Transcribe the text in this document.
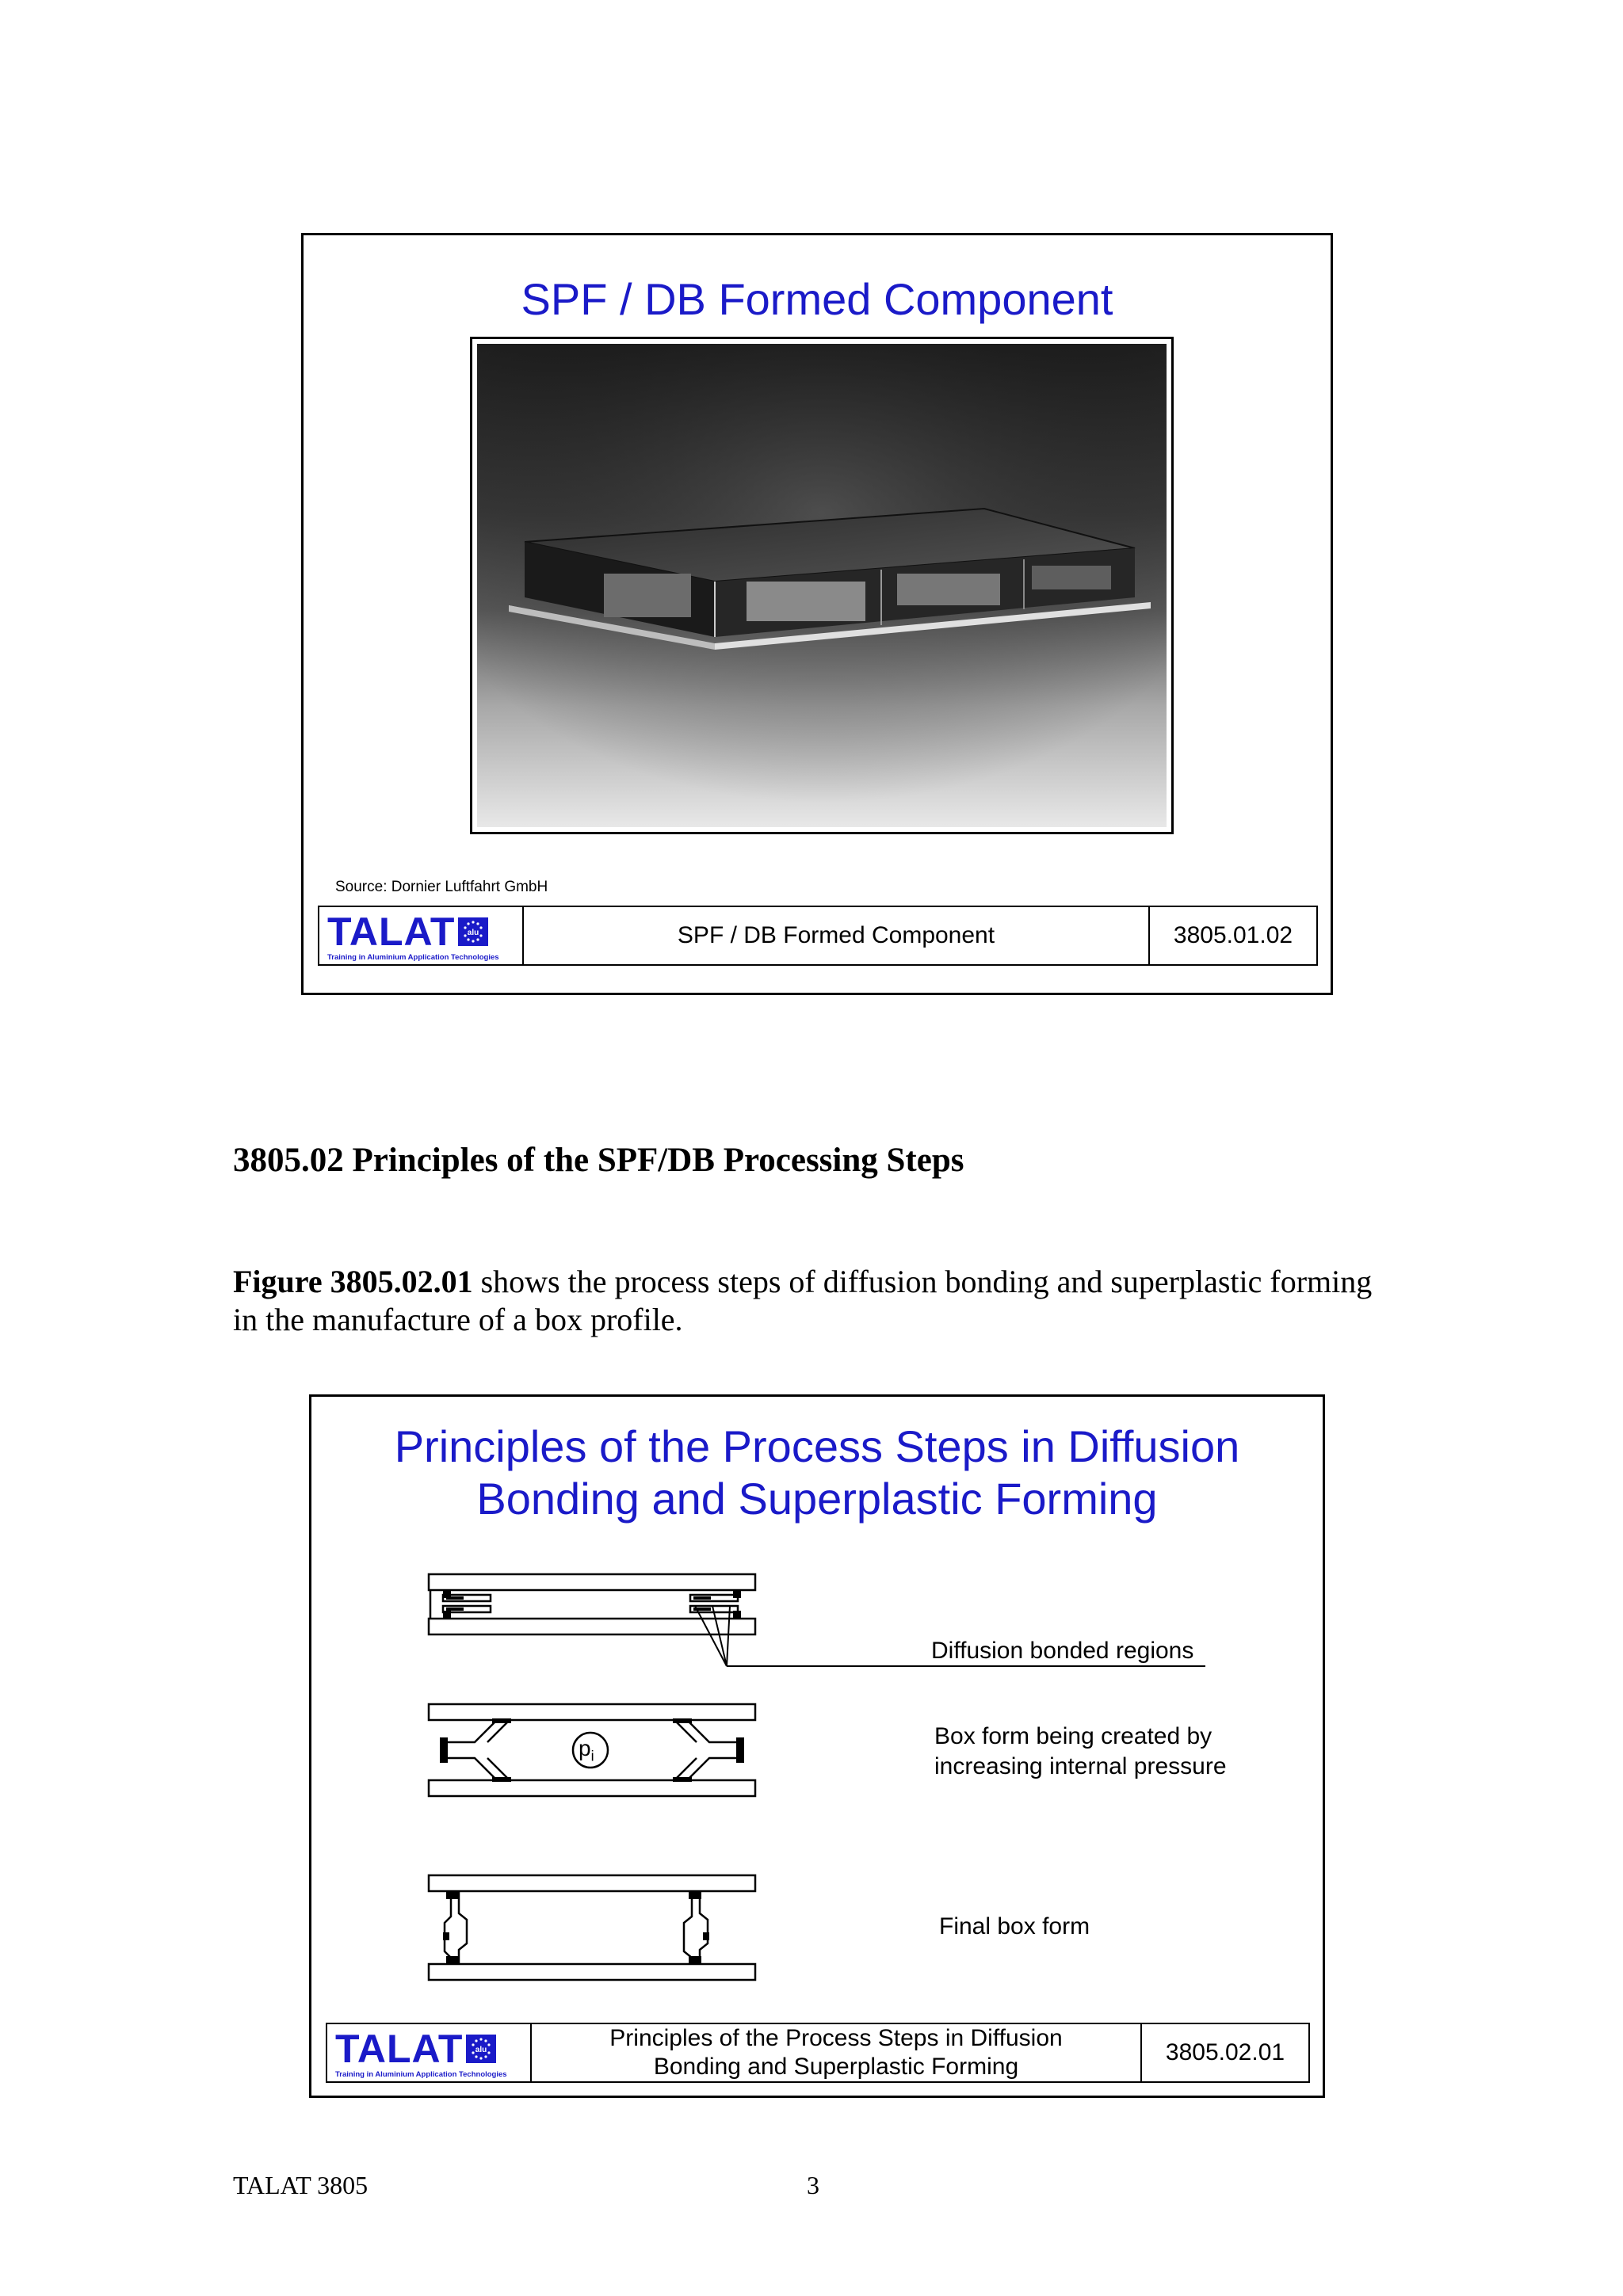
SPF / DB Formed Component
Source: Dornier Luftfahrt GmbH
TALAT alu
Training in Aluminium Application Technologies
SPF / DB Formed Component	3805.01.02
3805.02 Principles of the SPF/DB Processing Steps
Figure 3805.02.01 shows the process steps of diffusion bonding and superplastic forming in the manufacture of a box profile.
Principles of the Process Steps in Diffusion
Bonding and Superplastic Forming
Diffusion bonded regions
Box form being created by
increasing internal pressure
$p_i$
Final box form
TALAT alu
Training in Aluminium Application Technologies
Principles of the Process Steps in Diffusion
Bonding and Superplastic Forming
3805.02.01
TALAT 3805	3
